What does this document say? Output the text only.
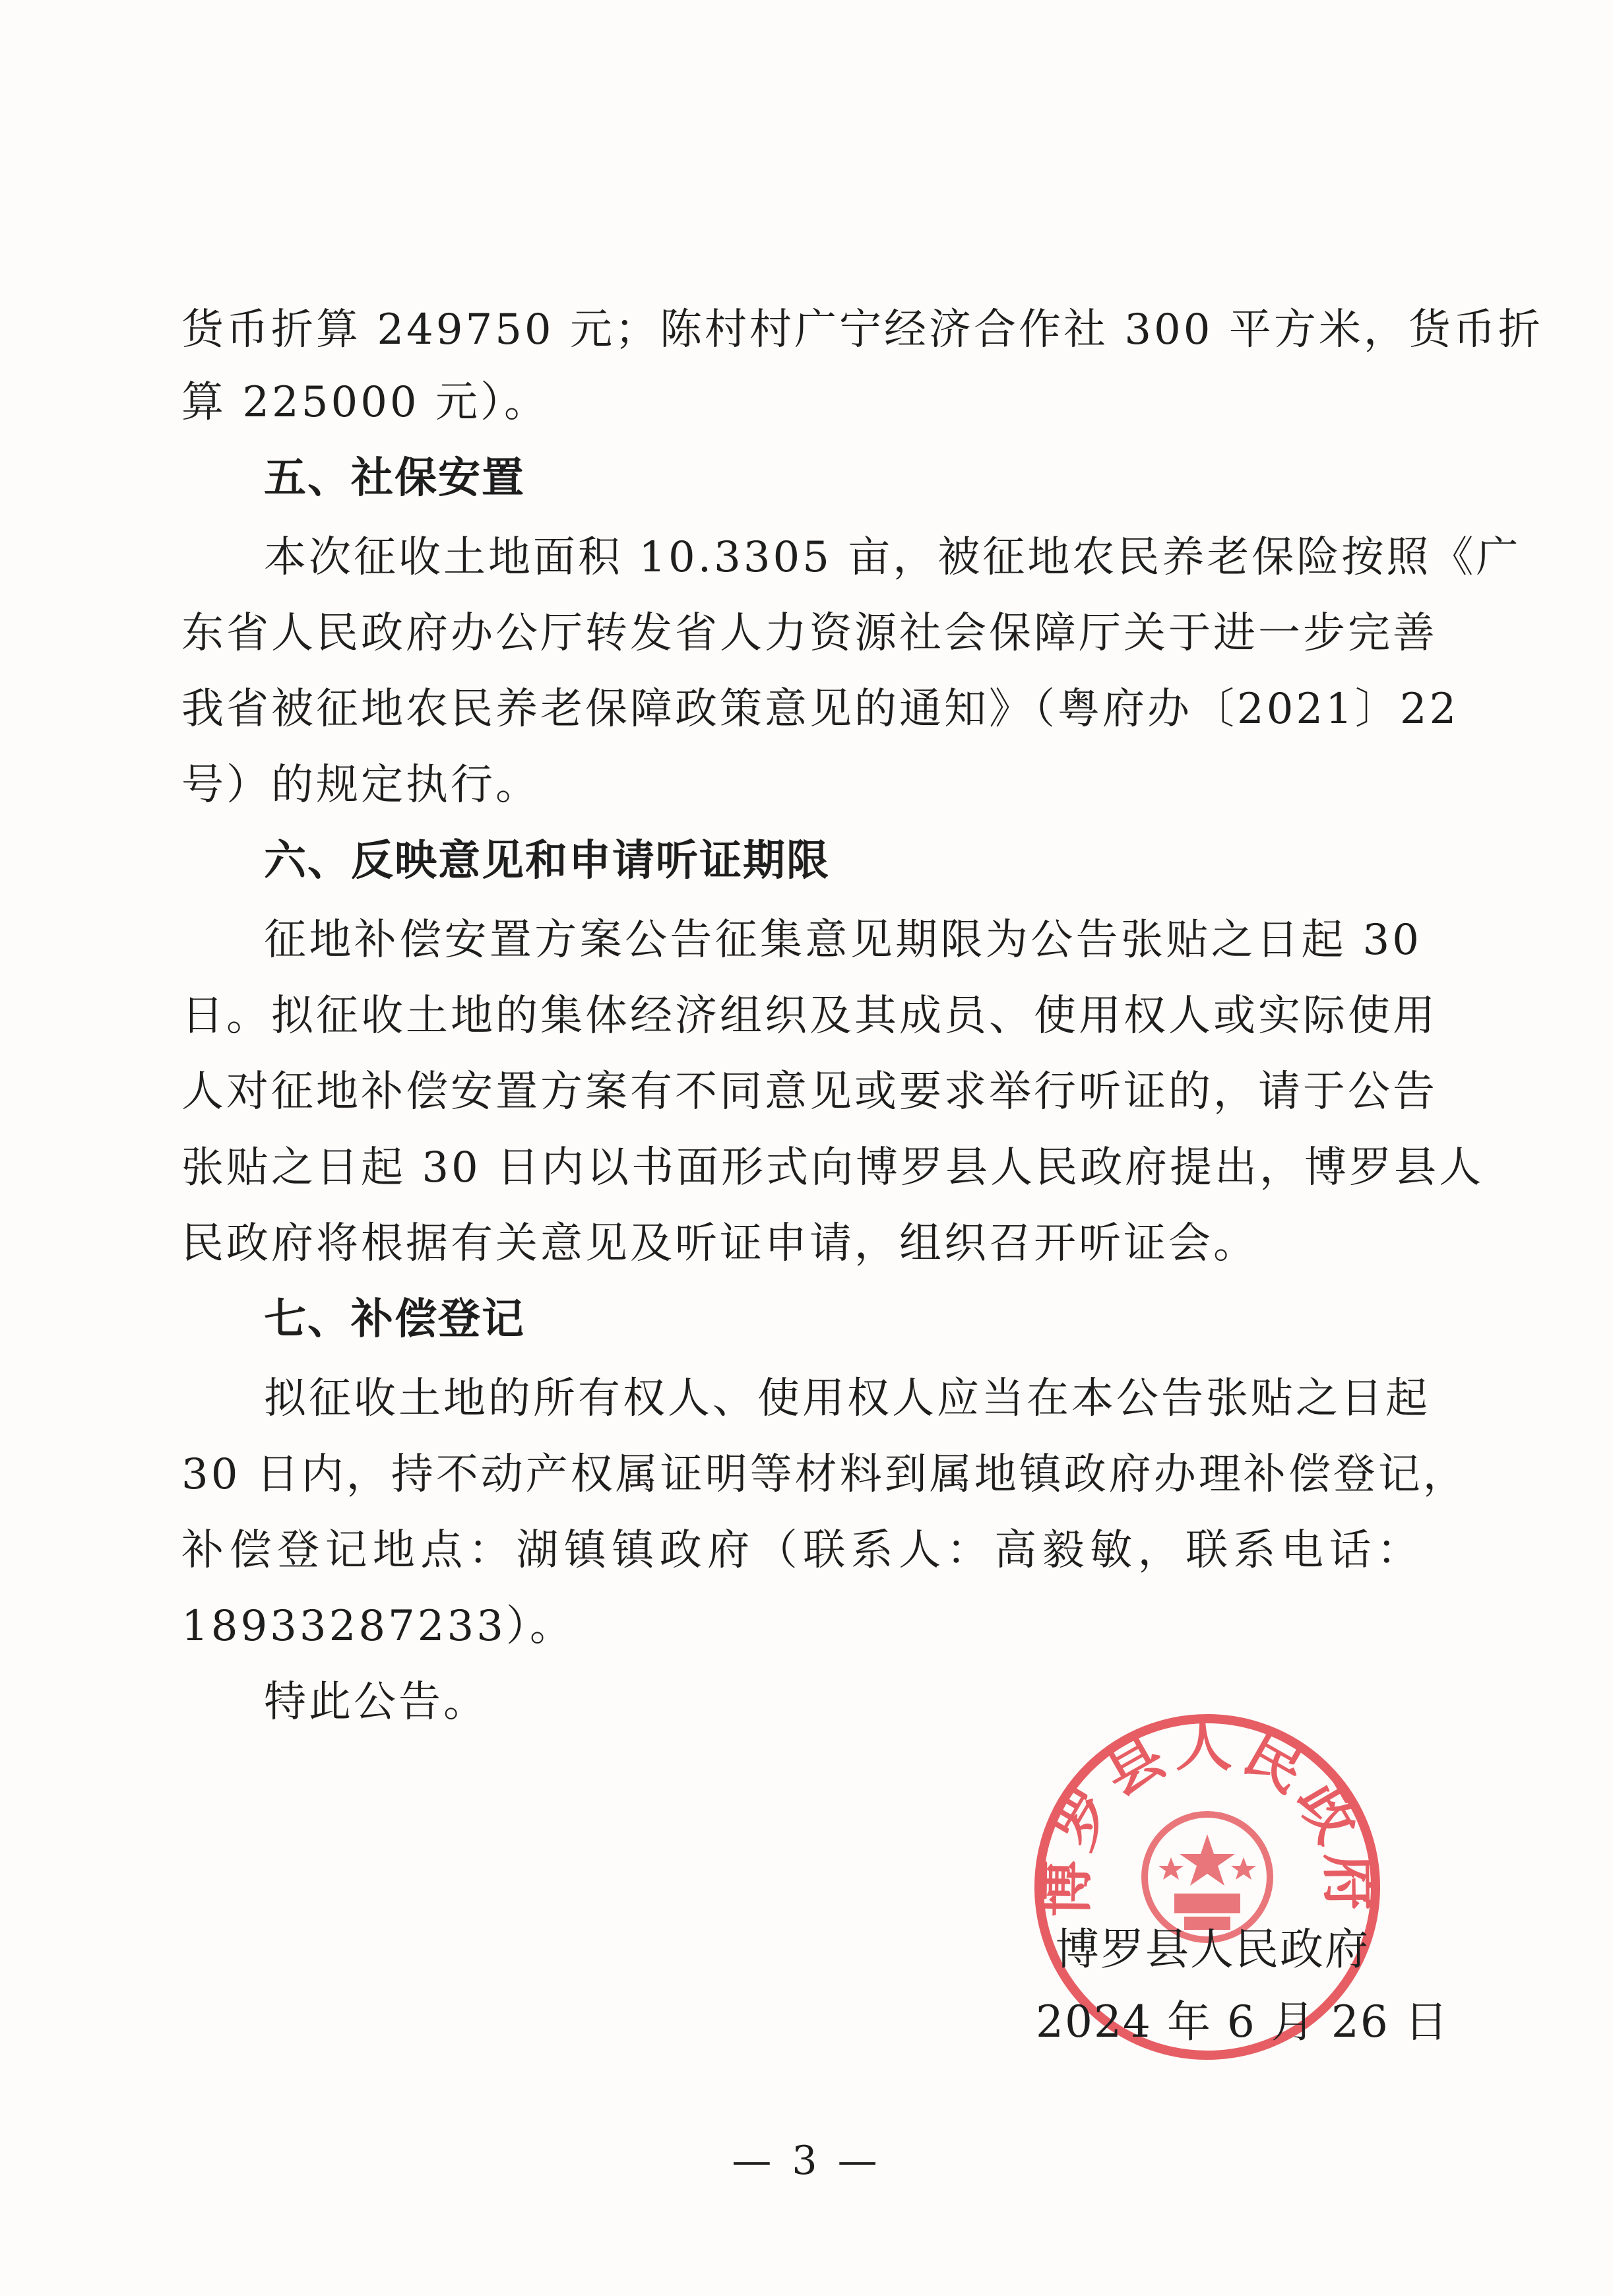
货币折算 249750 元；陈村村广宁经济合作社 300 平方米，货币折
算 225000 元）。
五、社保安置
本次征收土地面积 10.3305 亩，被征地农民养老保险按照《广
东省人民政府办公厅转发省人力资源社会保障厅关于进一步完善
我省被征地农民养老保障政策意见的通知》（粤府办〔2021〕22
号）的规定执行。
六、反映意见和申请听证期限
征地补偿安置方案公告征集意见期限为公告张贴之日起 30
日。拟征收土地的集体经济组织及其成员、使用权人或实际使用
人对征地补偿安置方案有不同意见或要求举行听证的，请于公告
张贴之日起 30 日内以书面形式向博罗县人民政府提出，博罗县人
民政府将根据有关意见及听证申请，组织召开听证会。
七、补偿登记
拟征收土地的所有权人、使用权人应当在本公告张贴之日起
30 日内，持不动产权属证明等材料到属地镇政府办理补偿登记，
补偿登记地点：湖镇镇政府（联系人：高毅敏，联系电话：
18933287233）。
特此公告。
博罗县人民政府
博罗县人民政府
2024 年 6 月 26 日
— 3 —
